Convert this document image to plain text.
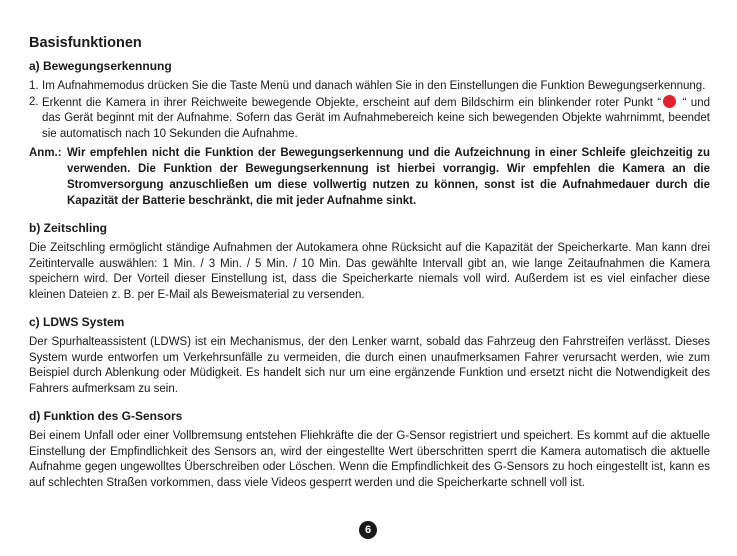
Basisfunktionen
a) Bewegungserkennung
1. Im Aufnahmemodus drücken Sie die Taste Menü und danach wählen Sie in den Einstellungen die Funktion Bewegungserkennung.
2. Erkennt die Kamera in ihrer Reichweite bewegende Objekte, erscheint auf dem Bildschirm ein blinkender roter Punkt “ “ und das Gerät beginnt mit der Aufnahme. Sofern das Gerät im Aufnahmebereich keine sich bewegenden Objekte wahrnimmt, beendet sie automatisch nach 10 Sekunden die Aufnahme.
Anm.: Wir empfehlen nicht die Funktion der Bewegungserkennung und die Aufzeichnung in einer Schleife gleichzeitig zu verwenden. Die Funktion der Bewegungserkennung ist hierbei vorrangig. Wir empfehlen die Kamera an die Stromversorgung anzuschließen um diese vollwertig nutzen zu können, sonst ist die Aufnahmedauer durch die Kapazität der Batterie beschränkt, die mit jeder Aufnahme sinkt.
b) Zeitschling

Die Zeitschling ermöglicht ständige Aufnahmen der Autokamera ohne Rücksicht auf die Kapazität der Speicherkarte. Man kann drei Zeitintervalle auswählen: 1 Min. / 3 Min. / 5 Min. / 10 Min. Das gewählte Intervall gibt an, wie lange Zeitaufnahmen die Kamera speichern wird. Der Vorteil dieser Einstellung ist, dass die Speicherkarte niemals voll wird. Außerdem ist es viel einfacher diese kleinen Dateien z. B. per E-Mail als Beweismaterial zu versenden.

c) LDWS System

Der Spurhalteassistent (LDWS) ist ein Mechanismus, der den Lenker warnt, sobald das Fahrzeug den Fahrstreifen verlässt. Dieses System wurde entworfen um Verkehrsunfälle zu vermeiden, die durch einen unaufmerksamen Fahrer verursacht werden, wie zum Beispiel durch Ablenkung oder Müdigkeit. Es handelt sich nur um eine ergänzende Funktion und ersetzt nicht die Notwendigkeit des Fahrers aufmerksam zu sein.

d) Funktion des G-Sensors

Bei einem Unfall oder einer Vollbremsung entstehen Fliehkräfte die der G-Sensor registriert und speichert. Es kommt auf die aktuelle Einstellung der Empfindlichkeit des Sensors an, wird der eingestellte Wert überschritten sperrt die Kamera automatisch die aktuelle Aufnahme gegen ungewolltes Überschreiben oder Löschen. Wenn die Empfindlichkeit des G-Sensors zu hoch eingestellt ist, kann es auf schlechten Straßen vorkommen, dass viele Videos gesperrt werden und die Speicherkarte schnell voll ist.

6
